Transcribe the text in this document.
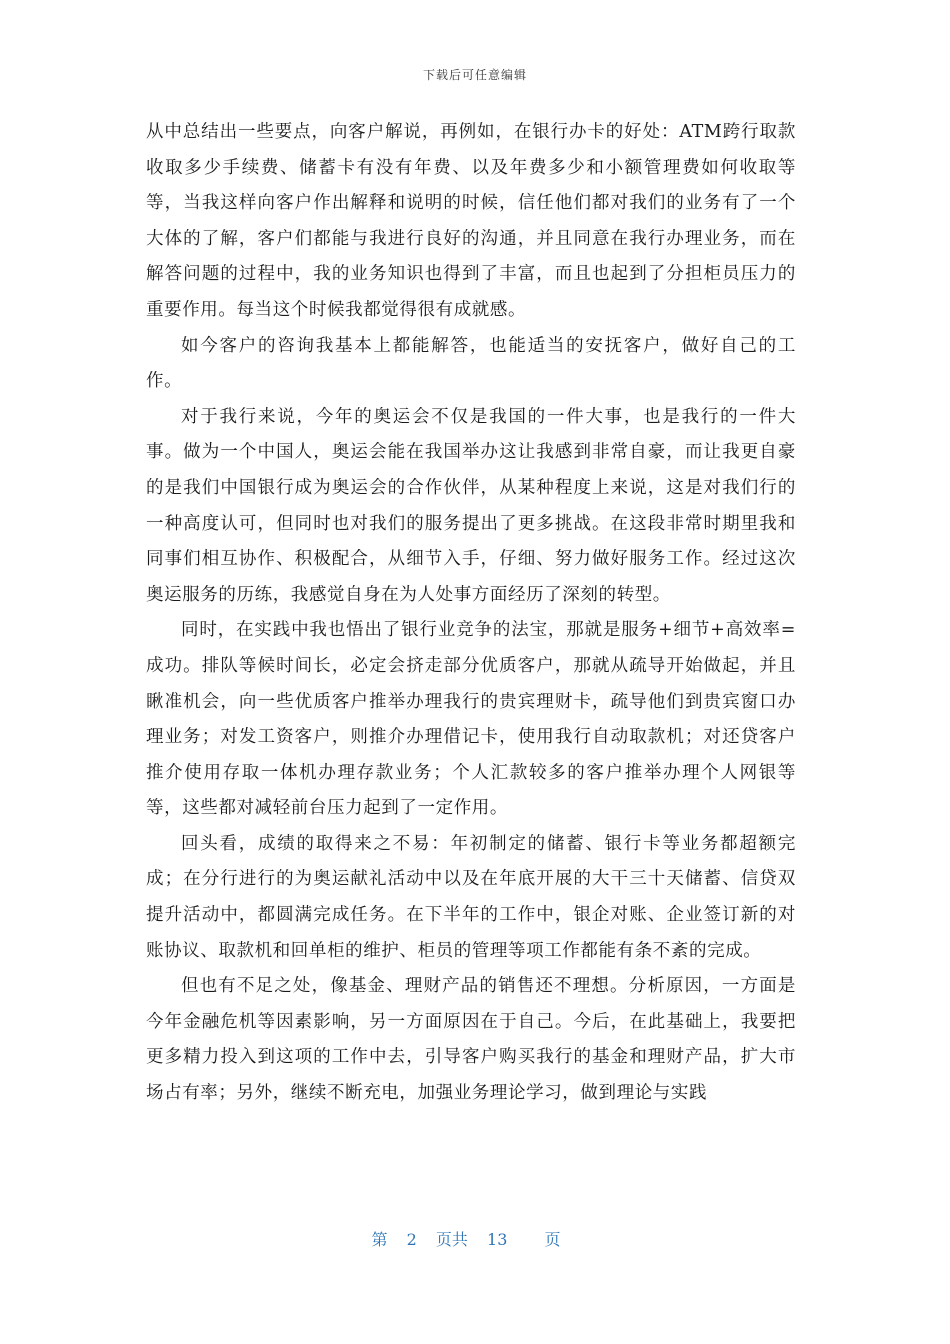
下载后可任意编辑

从中总结出一些要点，向客户解说，再例如，在银行办卡的好处：ATM跨行取款收取多少手续费、储蓄卡有没有年费、以及年费多少和小额管理费如何收取等等，当我这样向客户作出解释和说明的时候，信任他们都对我们的业务有了一个大体的了解，客户们都能与我进行良好的沟通，并且同意在我行办理业务，而在解答问题的过程中，我的业务知识也得到了丰富，而且也起到了分担柜员压力的重要作用。每当这个时候我都觉得很有成就感。

如今客户的咨询我基本上都能解答，也能适当的安抚客户，做好自己的工作。

对于我行来说，今年的奥运会不仅是我国的一件大事，也是我行的一件大事。做为一个中国人，奥运会能在我国举办这让我感到非常自豪，而让我更自豪的是我们中国银行成为奥运会的合作伙伴，从某种程度上来说，这是对我们行的一种高度认可，但同时也对我们的服务提出了更多挑战。在这段非常时期里我和同事们相互协作、积极配合，从细节入手，仔细、努力做好服务工作。经过这次奥运服务的历练，我感觉自身在为人处事方面经历了深刻的转型。

同时，在实践中我也悟出了银行业竞争的法宝，那就是服务+细节+高效率=成功。排队等候时间长，必定会挤走部分优质客户，那就从疏导开始做起，并且瞅准机会，向一些优质客户推举办理我行的贵宾理财卡，疏导他们到贵宾窗口办理业务；对发工资客户，则推介办理借记卡，使用我行自动取款机；对还贷客户推介使用存取一体机办理存款业务；个人汇款较多的客户推举办理个人网银等等，这些都对减轻前台压力起到了一定作用。

回头看，成绩的取得来之不易：年初制定的储蓄、银行卡等业务都超额完成；在分行进行的为奥运献礼活动中以及在年底开展的大干三十天储蓄、信贷双提升活动中，都圆满完成任务。在下半年的工作中，银企对账、企业签订新的对账协议、取款机和回单柜的维护、柜员的管理等项工作都能有条不紊的完成。

但也有不足之处，像基金、理财产品的销售还不理想。分析原因，一方面是今年金融危机等因素影响，另一方面原因在于自己。今后，在此基础上，我要把更多精力投入到这项的工作中去，引导客户购买我行的基金和理财产品，扩大市场占有率；另外，继续不断充电，加强业务理论学习，做到理论与实践

第 2 页共 13 页
